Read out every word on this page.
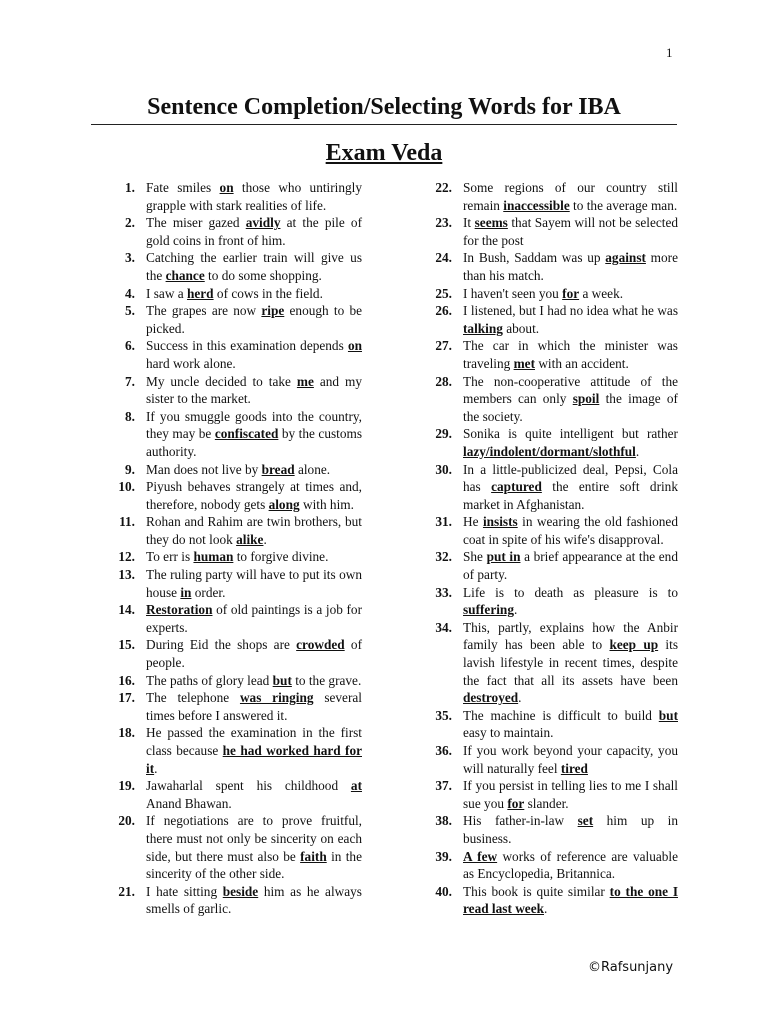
1
Sentence Completion/Selecting Words for IBA
Exam Veda
1. Fate smiles on those who untiringly grapple with stark realities of life.
2. The miser gazed avidly at the pile of gold coins in front of him.
3. Catching the earlier train will give us the chance to do some shopping.
4. I saw a herd of cows in the field.
5. The grapes are now ripe enough to be picked.
6. Success in this examination depends on hard work alone.
7. My uncle decided to take me and my sister to the market.
8. If you smuggle goods into the country, they may be confiscated by the customs authority.
9. Man does not live by bread alone.
10. Piyush behaves strangely at times and, therefore, nobody gets along with him.
11. Rohan and Rahim are twin brothers, but they do not look alike.
12. To err is human to forgive divine.
13. The ruling party will have to put its own house in order.
14. Restoration of old paintings is a job for experts.
15. During Eid the shops are crowded of people.
16. The paths of glory lead but to the grave.
17. The telephone was ringing several times before I answered it.
18. He passed the examination in the first class because he had worked hard for it.
19. Jawaharlal spent his childhood at Anand Bhawan.
20. If negotiations are to prove fruitful, there must not only be sincerity on each side, but there must also be faith in the sincerity of the other side.
21. I hate sitting beside him as he always smells of garlic.
22. Some regions of our country still remain inaccessible to the average man.
23. It seems that Sayem will not be selected for the post
24. In Bush, Saddam was up against more than his match.
25. I haven't seen you for a week.
26. I listened, but I had no idea what he was talking about.
27. The car in which the minister was traveling met with an accident.
28. The non-cooperative attitude of the members can only spoil the image of the society.
29. Sonika is quite intelligent but rather lazy/indolent/dormant/slothful.
30. In a little-publicized deal, Pepsi, Cola has captured the entire soft drink market in Afghanistan.
31. He insists in wearing the old fashioned coat in spite of his wife's disapproval.
32. She put in a brief appearance at the end of party.
33. Life is to death as pleasure is to suffering.
34. This, partly, explains how the Anbir family has been able to keep up its lavish lifestyle in recent times, despite the fact that all its assets have been destroyed.
35. The machine is difficult to build but easy to maintain.
36. If you work beyond your capacity, you will naturally feel tired
37. If you persist in telling lies to me I shall sue you for slander.
38. His father-in-law set him up in business.
39. A few works of reference are valuable as Encyclopedia, Britannica.
40. This book is quite similar to the one I read last week.
©Rafsunjany
